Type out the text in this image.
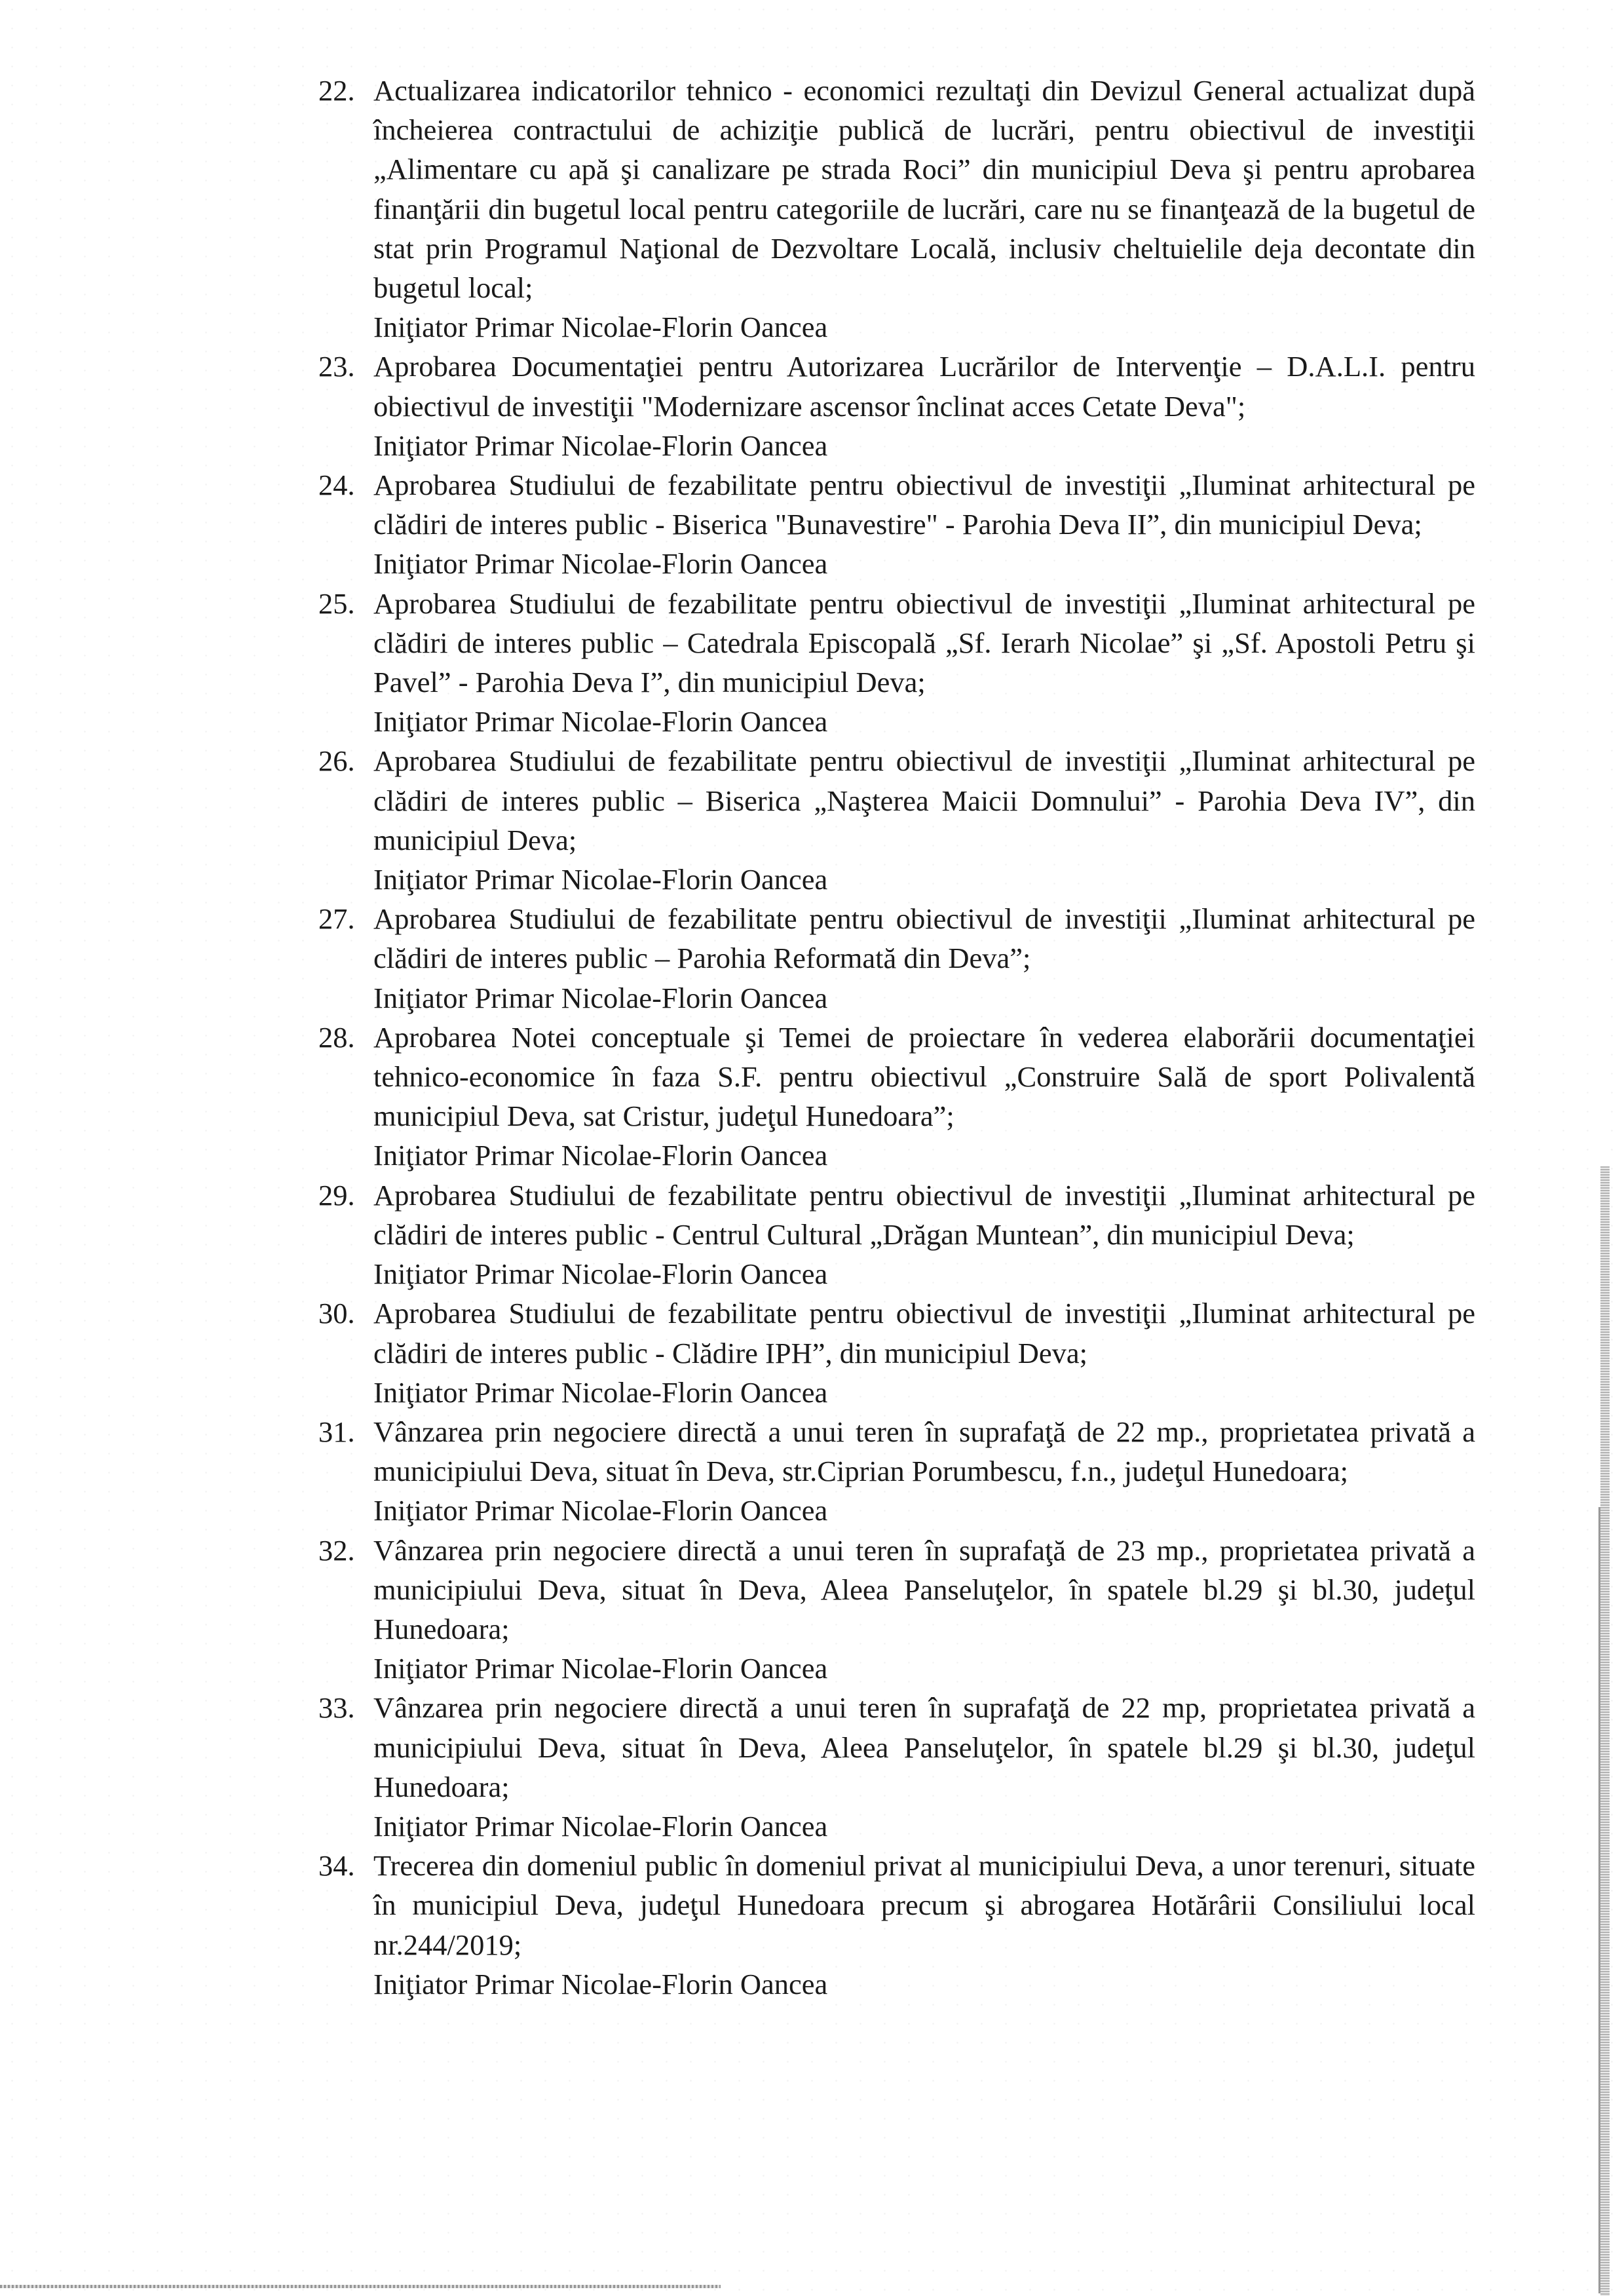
22. Actualizarea indicatorilor tehnico - economici rezultaţi din Devizul General actualizat după încheierea contractului de achiziţie publică de lucrări, pentru obiectivul de investiţii „Alimentare cu apă şi canalizare pe strada Roci” din municipiul Deva şi pentru aprobarea finanţării din bugetul local pentru categoriile de lucrări, care nu se finanţează de la bugetul de stat prin Programul Naţional de Dezvoltare Locală, inclusiv cheltuielile deja decontate din bugetul local;
Iniţiator Primar Nicolae-Florin Oancea
23. Aprobarea Documentaţiei pentru Autorizarea Lucrărilor de Intervenţie – D.A.L.I. pentru obiectivul de investiţii "Modernizare ascensor înclinat acces Cetate Deva";
Iniţiator Primar Nicolae-Florin Oancea
24. Aprobarea Studiului de fezabilitate pentru obiectivul de investiţii „Iluminat arhitectural pe clădiri de interes public - Biserica "Bunavestire" - Parohia Deva II”, din municipiul Deva;
Iniţiator Primar Nicolae-Florin Oancea
25. Aprobarea Studiului de fezabilitate pentru obiectivul de investiţii „Iluminat arhitectural pe clădiri de interes public – Catedrala Episcopală „Sf. Ierarh Nicolae” şi „Sf. Apostoli Petru şi Pavel” - Parohia Deva I”, din municipiul Deva;
Iniţiator Primar Nicolae-Florin Oancea
26. Aprobarea Studiului de fezabilitate pentru obiectivul de investiţii „Iluminat arhitectural pe clădiri de interes public – Biserica „Naşterea Maicii Domnului” - Parohia Deva IV”, din municipiul Deva;
Iniţiator Primar Nicolae-Florin Oancea
27. Aprobarea Studiului de fezabilitate pentru obiectivul de investiţii „Iluminat arhitectural pe clădiri de interes public – Parohia Reformată din Deva”;
Iniţiator Primar Nicolae-Florin Oancea
28. Aprobarea Notei conceptuale şi Temei de proiectare în vederea elaborării documentaţiei tehnico-economice în faza S.F. pentru obiectivul „Construire Sală de sport Polivalentă municipiul Deva, sat Cristur, judeţul Hunedoara”;
Iniţiator Primar Nicolae-Florin Oancea
29. Aprobarea Studiului de fezabilitate pentru obiectivul de investiţii „Iluminat arhitectural pe clădiri de interes public - Centrul Cultural „Drăgan Muntean”, din municipiul Deva;
Iniţiator Primar Nicolae-Florin Oancea
30. Aprobarea Studiului de fezabilitate pentru obiectivul de investiţii „Iluminat arhitectural pe clădiri de interes public - Clădire IPH”, din municipiul Deva;
Iniţiator Primar Nicolae-Florin Oancea
31. Vânzarea prin negociere directă a unui teren în suprafaţă de 22 mp., proprietatea privată a municipiului Deva, situat în Deva, str.Ciprian Porumbescu, f.n., judeţul Hunedoara;
Iniţiator Primar Nicolae-Florin Oancea
32. Vânzarea prin negociere directă a unui teren în suprafaţă de 23 mp., proprietatea privată a municipiului Deva, situat în Deva, Aleea Panseluţelor, în spatele bl.29 şi bl.30, judeţul Hunedoara;
Iniţiator Primar Nicolae-Florin Oancea
33. Vânzarea prin negociere directă a unui teren în suprafaţă de 22 mp, proprietatea privată a municipiului Deva, situat în Deva, Aleea Panseluţelor, în spatele bl.29 şi bl.30, judeţul Hunedoara;
Iniţiator Primar Nicolae-Florin Oancea
34. Trecerea din domeniul public în domeniul privat al municipiului Deva, a unor terenuri, situate în municipiul Deva, judeţul Hunedoara precum şi abrogarea Hotărârii Consiliului local nr.244/2019;
Iniţiator Primar Nicolae-Florin Oancea
